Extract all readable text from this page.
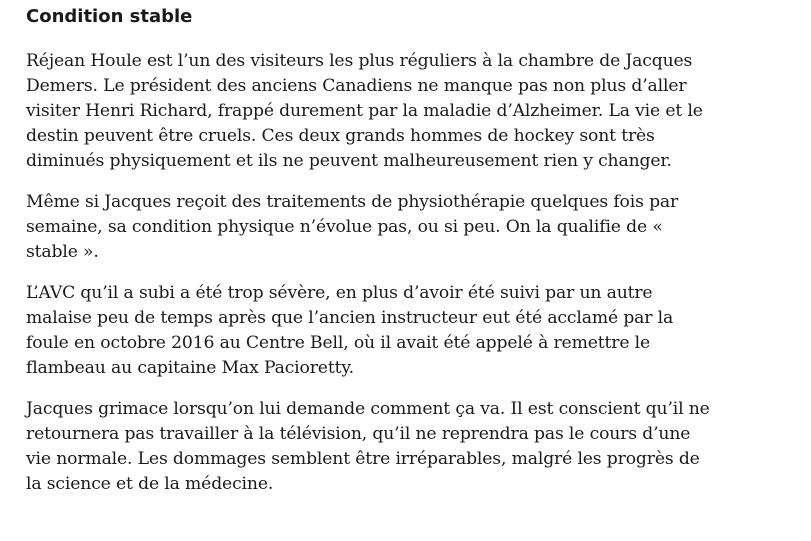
Condition stable

Réjean Houle est l’un des visiteurs les plus réguliers à la chambre de Jacques
Demers. Le président des anciens Canadiens ne manque pas non plus d’aller
visiter Henri Richard, frappé durement par la maladie d’Alzheimer. La vie et le
destin peuvent être cruels. Ces deux grands hommes de hockey sont très
diminués physiquement et ils ne peuvent malheureusement rien y changer.

Même si Jacques reçoit des traitements de physiothérapie quelques fois par
semaine, sa condition physique n’évolue pas, ou si peu. On la qualifie de «
stable ».

L’AVC qu’il a subi a été trop sévère, en plus d’avoir été suivi par un autre
malaise peu de temps après que l’ancien instructeur eut été acclamé par la
foule en octobre 2016 au Centre Bell, où il avait été appelé à remettre le
flambeau au capitaine Max Pacioretty.

Jacques grimace lorsqu’on lui demande comment ça va. Il est conscient qu’il ne
retournera pas travailler à la télévision, qu’il ne reprendra pas le cours d’une
vie normale. Les dommages semblent être irréparables, malgré les progrès de
la science et de la médecine.
